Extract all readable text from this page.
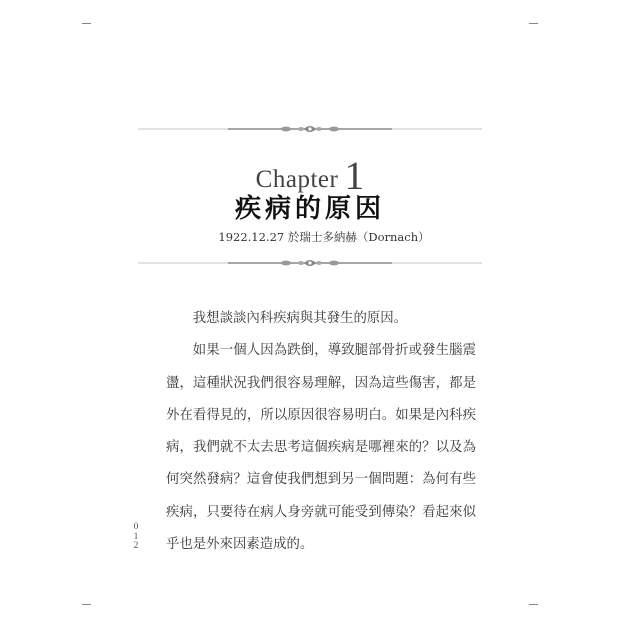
Chapter 1
疾病的原因
1922.12.27 於瑞士多納赫（Dornach）

我想談談內科疾病與其發生的原因。

如果一個人因為跌倒，導致腿部骨折或發生腦震盪，這種狀況我們很容易理解，因為這些傷害，都是外在看得見的，所以原因很容易明白。如果是內科疾病，我們就不太去思考這個疾病是哪裡來的？以及為何突然發病？這會使我們想到另一個問題：為何有些疾病，只要待在病人身旁就可能受到傳染？看起來似乎也是外來因素造成的。

0
1
2
